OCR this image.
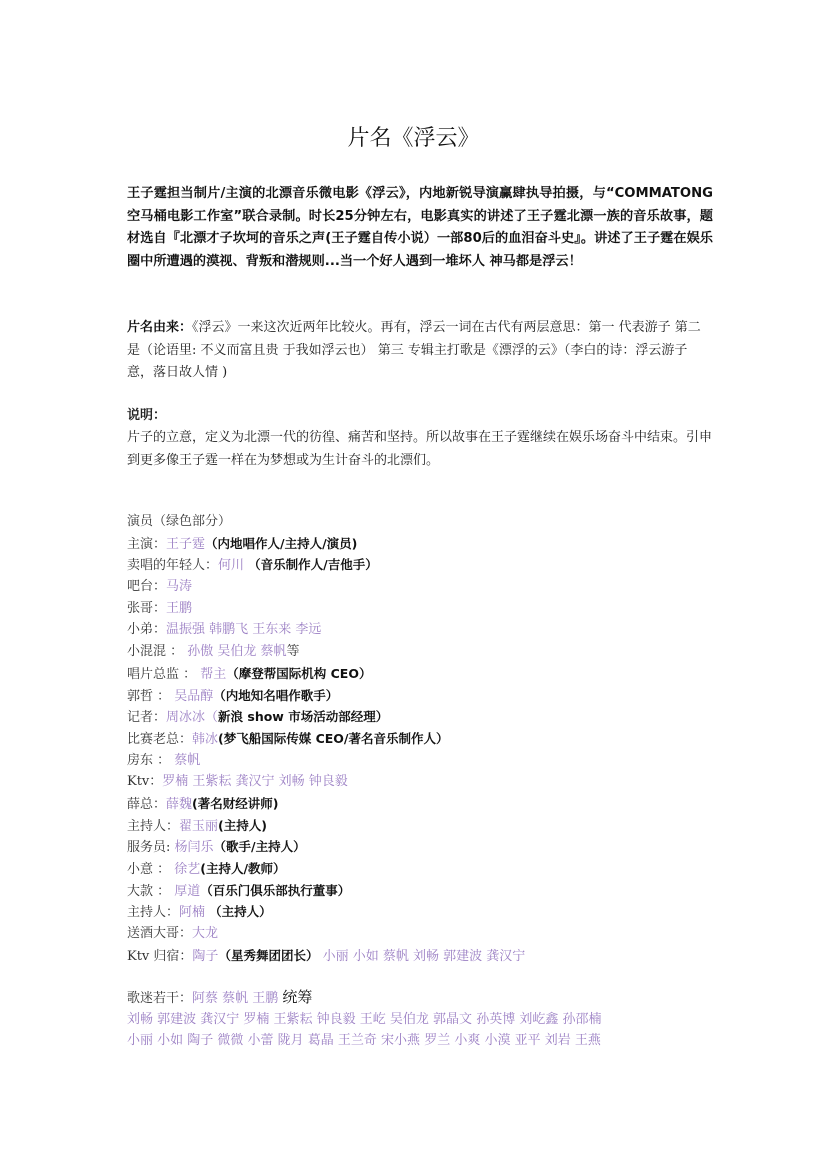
片名《浮云》
王子霆担当制片/主演的北漂音乐微电影《浮云》，内地新锐导演赢肆执导拍摄，与“COMMATONG空马桶电影工作室”联合录制。时长25分钟左右，电影真实的讲述了王子霆北漂一族的音乐故事，题材选自『北漂才子坎坷的音乐之声(王子霆自传小说）一部80后的血泪奋斗史』。讲述了王子霆在娱乐圈中所遭遇的漠视、背叛和潜规则...当一个好人遇到一堆坏人 神马都是浮云！
片名由来：《浮云》一来这次近两年比较火。再有，浮云一词在古代有两层意思：第一 代表游子 第二 是（论语里: 不义而富且贵 于我如浮云也） 第三 专辑主打歌是《漂浮的云》（李白的诗：浮云游子意，落日故人情 )
说明：
片子的立意，定义为北漂一代的彷徨、痛苦和坚持。所以故事在王子霆继续在娱乐场奋斗中结束。引申到更多像王子霆一样在为梦想或为生计奋斗的北漂们。
演员（绿色部分）
主演：王子霆（内地唱作人/主持人/演员)
卖唱的年轻人：何川 （音乐制作人/吉他手）
吧台：马涛
张哥：王鹏
小弟：温振强 韩鹏飞 王东来 李远
小混混 ： 孙傲 吴伯龙 蔡帆等
唱片总监 ： 帮主（摩登帮国际机构 CEO）
郭哲 ： 吴品醇（内地知名唱作歌手）
记者：周冰冰（新浪 show 市场活动部经理）
比赛老总：韩冰(梦飞船国际传媒 CEO/著名音乐制作人）
房东 ： 蔡帆
Ktv：罗楠 王紫耘 龚汉宁 刘畅 钟良毅
薛总：薛魏(著名财经讲师)
主持人：翟玉丽(主持人)
服务员: 杨闫乐（歌手/主持人）
小意 ： 徐艺(主持人/教师）
大款 ： 厚道（百乐门俱乐部执行董事）
主持人：阿楠 （主持人）
送酒大哥：大龙
Ktv 归宿：陶子（星秀舞团团长） 小丽 小如 蔡帆 刘畅 郭建波 龚汉宁
歌迷若干：阿蔡 蔡帆 王鹏 统筹
刘畅 郭建波 龚汉宁 罗楠 王紫耘 钟良毅 王屹 吴伯龙 郭晶文 孙英博 刘屹鑫 孙邵楠
小丽 小如 陶子 微微 小蕾 陇月 葛晶 王兰奇 宋小燕 罗兰 小爽 小漠 亚平 刘岩 王燕
